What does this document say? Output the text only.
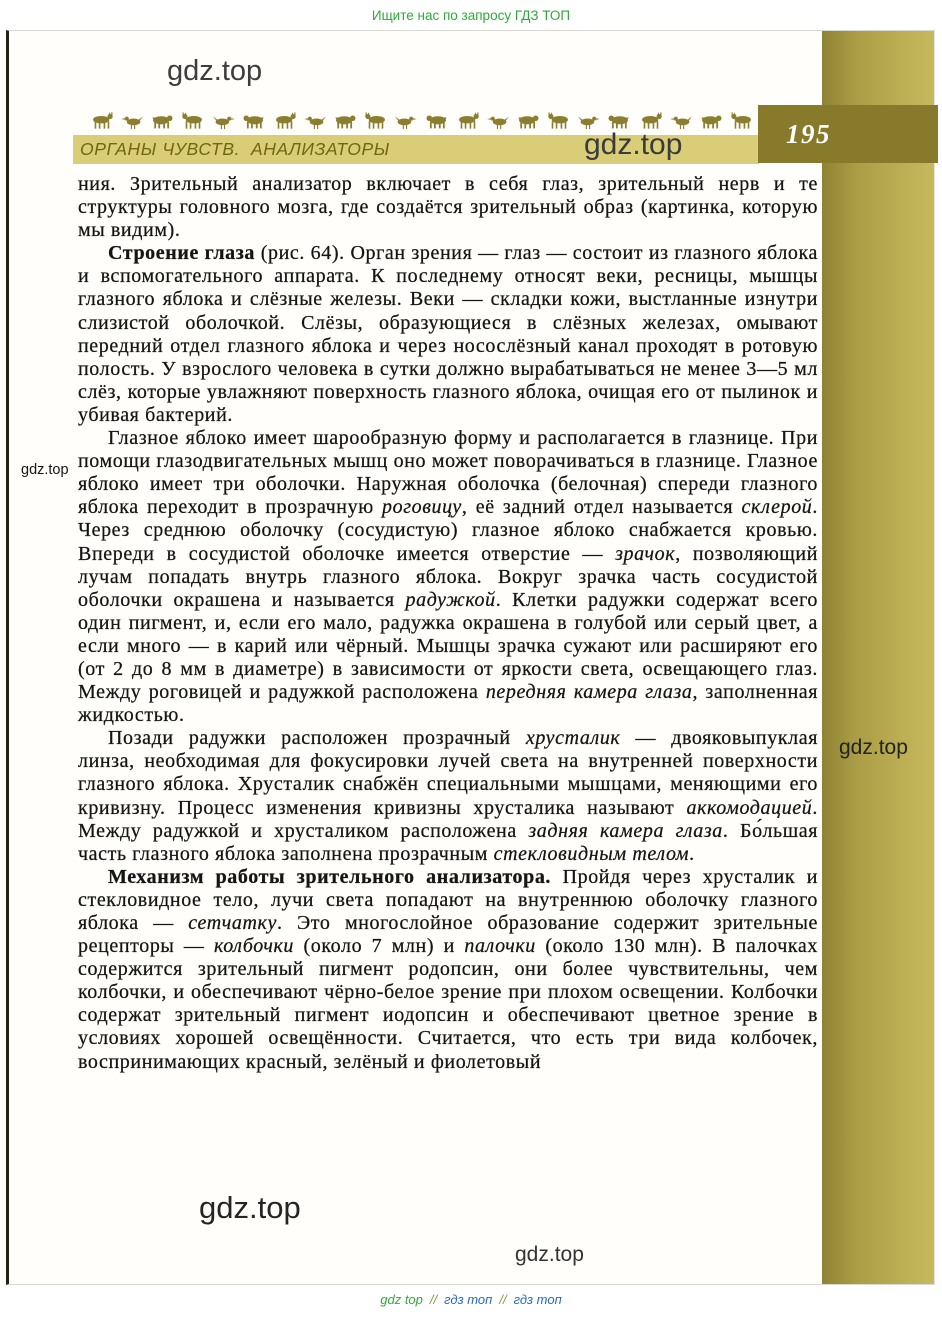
Ищите нас по запросу ГДЗ ТОП
gdz.top
ОРГАНЫ ЧУВСТВ.  АНАЛИЗАТОРЫ
195
gdz.top
gdz.top
gdz.top

ния. Зрительный анализатор включает в себя глаз, зрительный нерв и те структуры головного мозга, где создаётся зрительный образ (картинка, которую мы видим).

Строение глаза (рис. 64). Орган зрения — глаз — состоит из глазного яблока и вспомогательного аппарата. К последнему относят веки, ресницы, мышцы глазного яблока и слёзные железы. Веки — складки кожи, выстланные изнутри слизистой оболочкой. Слёзы, образующиеся в слёзных железах, омывают передний отдел глазного яблока и через носослёзный канал проходят в ротовую полость. У взрослого человека в сутки должно вырабатываться не менее 3—5 мл слёз, которые увлажняют поверхность глазного яблока, очищая его от пылинок и убивая бактерий.

Глазное яблоко имеет шарообразную форму и располагается в глазнице. При помощи глазодвигательных мышц оно может поворачиваться в глазнице. Глазное яблоко имеет три оболочки. Наружная оболочка (белочная) спереди глазного яблока переходит в прозрачную роговицу, её задний отдел называется склерой. Через среднюю оболочку (сосудистую) глазное яблоко снабжается кровью. Впереди в сосудистой оболочке имеется отверстие — зрачок, позволяющий лучам попадать внутрь глазного яблока. Вокруг зрачка часть сосудистой оболочки окрашена и называется радужкой. Клетки радужки содержат всего один пигмент, и, если его мало, радужка окрашена в голубой или серый цвет, а если много — в карий или чёрный. Мышцы зрачка сужают или расширяют его (от 2 до 8 мм в диаметре) в зависимости от яркости света, освещающего глаз. Между роговицей и радужкой расположена передняя камера глаза, заполненная жидкостью.

Позади радужки расположен прозрачный хрусталик — двояковыпуклая линза, необходимая для фокусировки лучей света на внутренней поверхности глазного яблока. Хрусталик снабжён специальными мышцами, меняющими его кривизну. Процесс изменения кривизны хрусталика называют аккомодацией. Между радужкой и хрусталиком расположена задняя камера глаза. Бо́льшая часть глазного яблока заполнена прозрачным стекловидным телом.

Механизм работы зрительного анализатора. Пройдя через хрусталик и стекловидное тело, лучи света попадают на внутреннюю оболочку глазного яблока — сетчатку. Это многослойное образование содержит зрительные рецепторы — колбочки (около 7 млн) и палочки (около 130 млн). В палочках содержится зрительный пигмент родопсин, они более чувствительны, чем колбочки, и обеспечивают чёрно-белое зрение при плохом освещении. Колбочки содержат зрительный пигмент иодопсин и обеспечивают цветное зрение в условиях хорошей освещённости. Считается, что есть три вида колбочек, воспринимающих красный, зелёный и фиолетовый

gdz.top
gdz.top
gdz top // гдз топ // гдз топ
